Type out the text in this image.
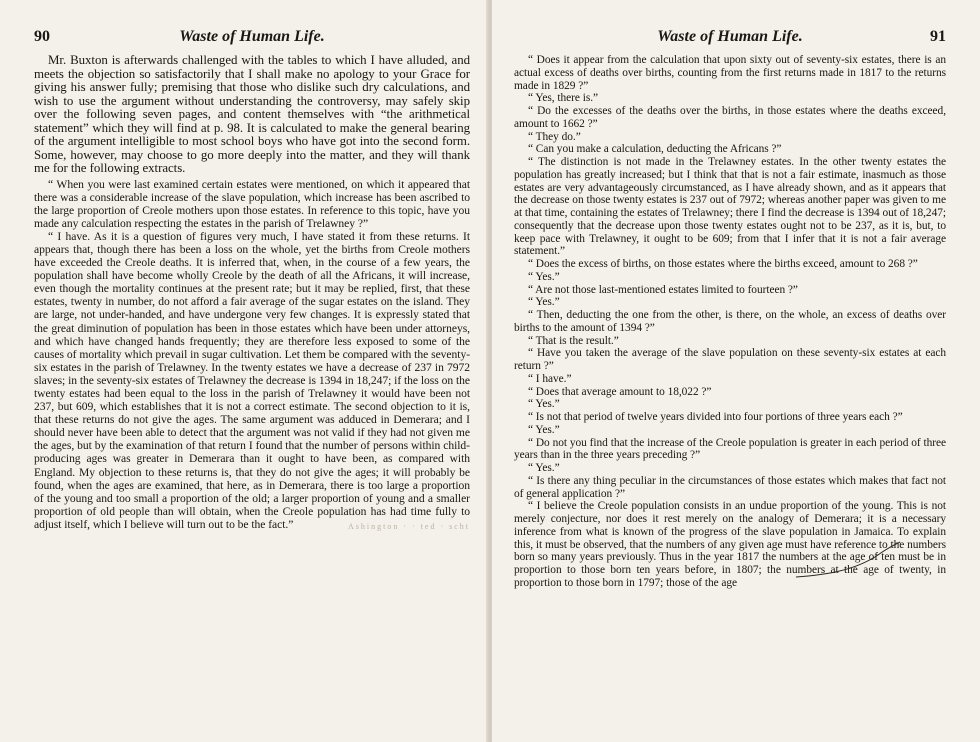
90	Waste of Human Life.

Mr. Buxton is afterwards challenged with the tables to which I have alluded, and meets the objection so satisfactorily that I shall make no apology to your Grace for giving his answer fully; premising that those who dislike such dry calculations, and wish to use the argument without understanding the controversy, may safely skip over the following seven pages, and content themselves with “the arithmetical statement” which they will find at p. 98. It is calculated to make the general bearing of the argument intelligible to most school boys who have got into the second form. Some, however, may choose to go more deeply into the matter, and they will thank me for the following extracts.

“ When you were last examined certain estates were mentioned, on which it appeared that there was a considerable increase of the slave population, which increase has been ascribed to the large proportion of Creole mothers upon those estates. In reference to this topic, have you made any calculation respecting the estates in the parish of Trelawney ?”

“ I have. As it is a question of figures very much, I have stated it from these returns. It appears that, though there has been a loss on the whole, yet the births from Creole mothers have exceeded the Creole deaths. It is inferred that, when, in the course of a few years, the population shall have become wholly Creole by the death of all the Africans, it will increase, even though the mortality continues at the present rate; but it may be replied, first, that these estates, twenty in number, do not afford a fair average of the sugar estates on the island. They are large, not under-handed, and have undergone very few changes. It is expressly stated that the great diminution of population has been in those estates which have been under attorneys, and which have changed hands frequently; they are therefore less exposed to some of the causes of mortality which prevail in sugar cultivation. Let them be compared with the seventy-six estates in the parish of Trelawney. In the twenty estates we have a decrease of 237 in 7972 slaves; in the seventy-six estates of Trelawney the decrease is 1394 in 18,247; if the loss on the twenty estates had been equal to the loss in the parish of Trelawney it would have been not 237, but 609, which establishes that it is not a correct estimate. The second objection to it is, that these returns do not give the ages. The same argument was adduced in Demerara; and I should never have been able to detect that the argument was not valid if they had not given me the ages, but by the examination of that return I found that the number of persons within child-producing ages was greater in Demerara than it ought to have been, as compared with England. My objection to these returns is, that they do not give the ages; it will probably be found, when the ages are examined, that here, as in Demerara, there is too large a proportion of the young and too small a proportion of the old; a larger proportion of young and a smaller proportion of old people than will obtain, when the Creole population has had time fully to adjust itself, which I believe will turn out to be the fact.”	Ashington · · ted · scht
Waste of Human Life.	91

“ Does it appear from the calculation that upon sixty out of seventy-six estates, there is an actual excess of deaths over births, counting from the first returns made in 1817 to the returns made in 1829 ?”

“ Yes, there is.”

“ Do the excesses of the deaths over the births, in those estates where the deaths exceed, amount to 1662 ?”

“ They do.”

“ Can you make a calculation, deducting the Africans ?”

“ The distinction is not made in the Trelawney estates. In the other twenty estates the population has greatly increased; but I think that that is not a fair estimate, inasmuch as those estates are very advantageously circumstanced, as I have already shown, and as it appears that the decrease on those twenty estates is 237 out of 7972; whereas another paper was given to me at that time, containing the estates of Trelawney; there I find the decrease is 1394 out of 18,247; consequently that the decrease upon those twenty estates ought not to be 237, as it is, but, to keep pace with Trelawney, it ought to be 609; from that I infer that it is not a fair average statement.”

“ Does the excess of births, on those estates where the births exceed, amount to 268 ?”

“ Yes.”

“ Are not those last-mentioned estates limited to fourteen ?”

“ Yes.”

“ Then, deducting the one from the other, is there, on the whole, an excess of deaths over births to the amount of 1394 ?”

“ That is the result.”

“ Have you taken the average of the slave population on these seventy-six estates at each return ?”

“ I have.”

“ Does that average amount to 18,022 ?”

“ Yes.”

“ Is not that period of twelve years divided into four portions of three years each ?”

“ Yes.”

“ Do not you find that the increase of the Creole population is greater in each period of three years than in the three years preceding ?”

“ Yes.”

“ Is there any thing peculiar in the circumstances of those estates which makes that fact not of general application ?”

“ I believe the Creole population consists in an undue proportion of the young. This is not merely conjecture, nor does it rest merely on the analogy of Demerara; it is a necessary inference from what is known of the progress of the slave population in Jamaica. To explain this, it must be observed, that the numbers of any given age must have reference to the numbers born so many years previously. Thus in the year 1817 the numbers at the age of ten must be in proportion to those born ten years before, in 1807; the numbers at the age of twenty, in proportion to those born in 1797; those of the age
